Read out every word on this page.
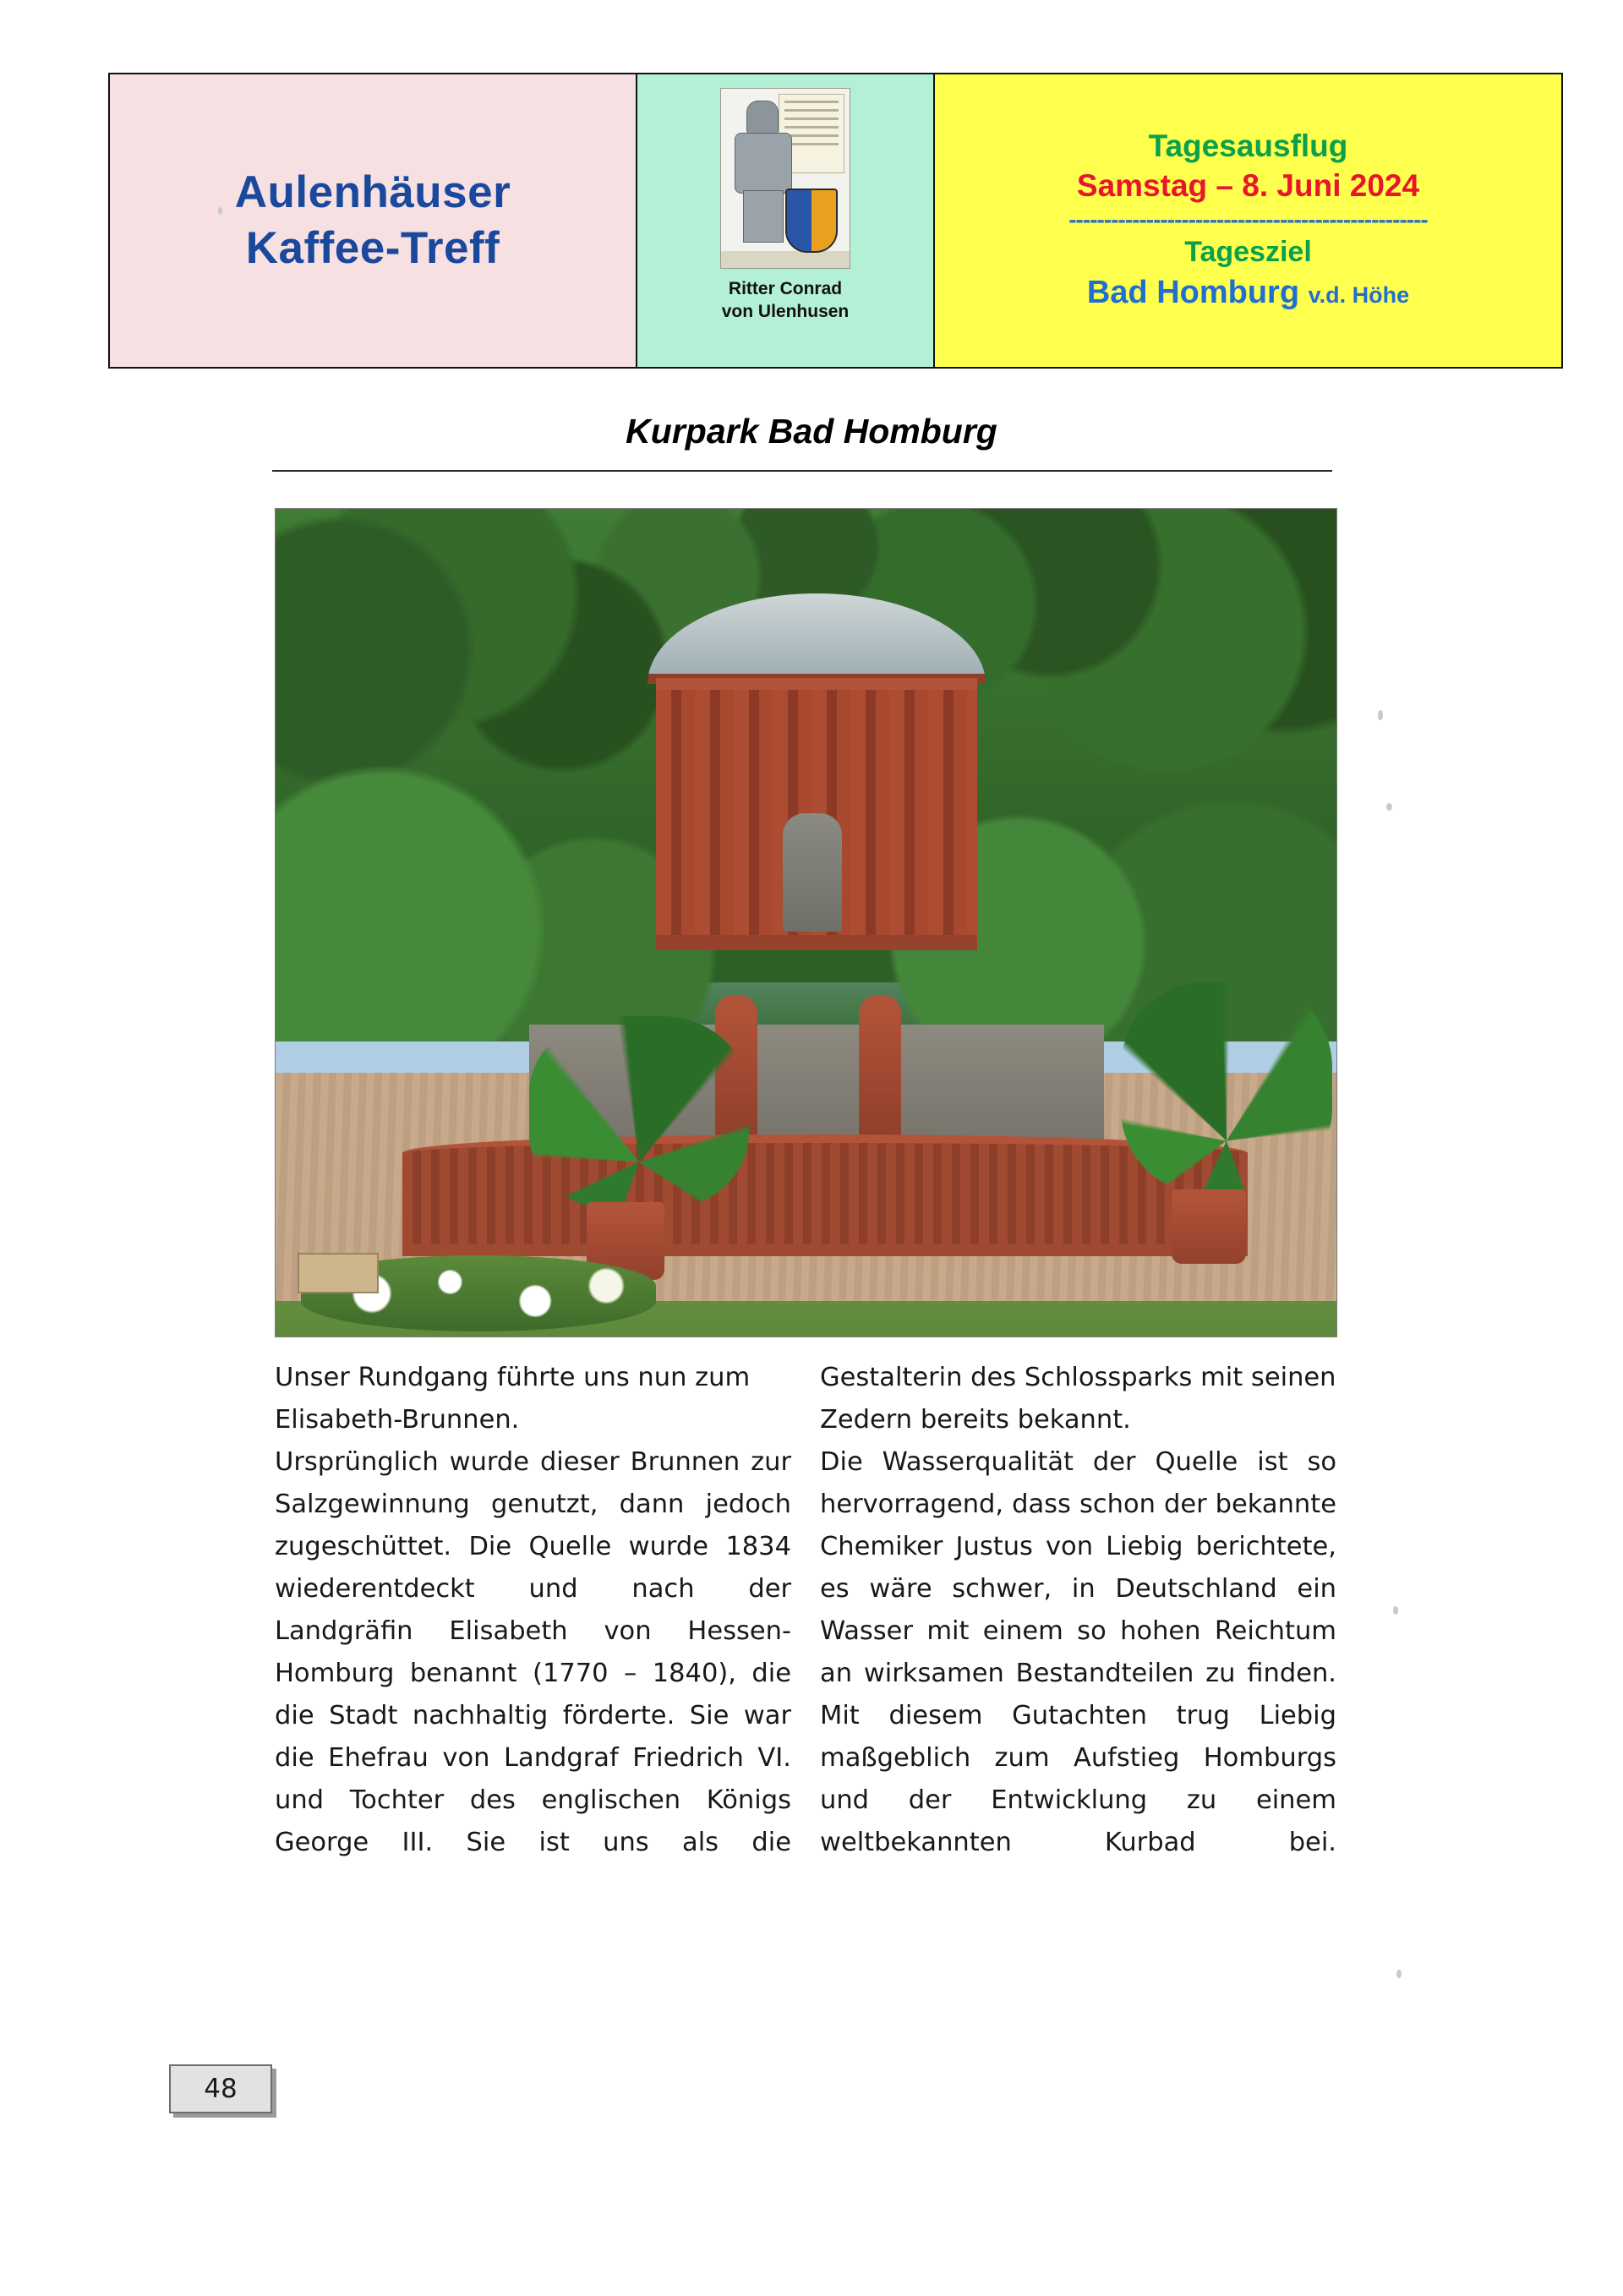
Aulenhäuser
Kaffee-Treff
Ritter Conrad
von Ulenhusen
Tagesausflug
Samstag – 8. Juni 2024
---------------------------------------------------
Tagesziel
Bad Homburg v.d. Höhe
Kurpark Bad Homburg

Unser Rundgang führte uns nun zum Elisabeth-Brunnen.

Ursprünglich wurde dieser Brunnen zur Salzgewinnung genutzt, dann jedoch zugeschüttet. Die Quelle wurde 1834 wiederentdeckt und nach der Landgräfin Elisabeth von Hessen-Homburg benannt (1770 – 1840), die die Stadt nachhaltig förderte. Sie war die Ehefrau von Landgraf Friedrich VI. und Tochter des englischen Königs George III. Sie ist uns als die

Gestalterin des Schlossparks mit seinen Zedern bereits bekannt.

Die Wasserqualität der Quelle ist so hervorragend, dass schon der bekannte Chemiker Justus von Liebig berichtete, es wäre schwer, in Deutschland ein Wasser mit einem so hohen Reichtum an wirksamen Bestandteilen zu finden. Mit diesem Gutachten trug Liebig maßgeblich zum Aufstieg Homburgs und der Entwicklung zu einem weltbekannten Kurbad bei.

48
